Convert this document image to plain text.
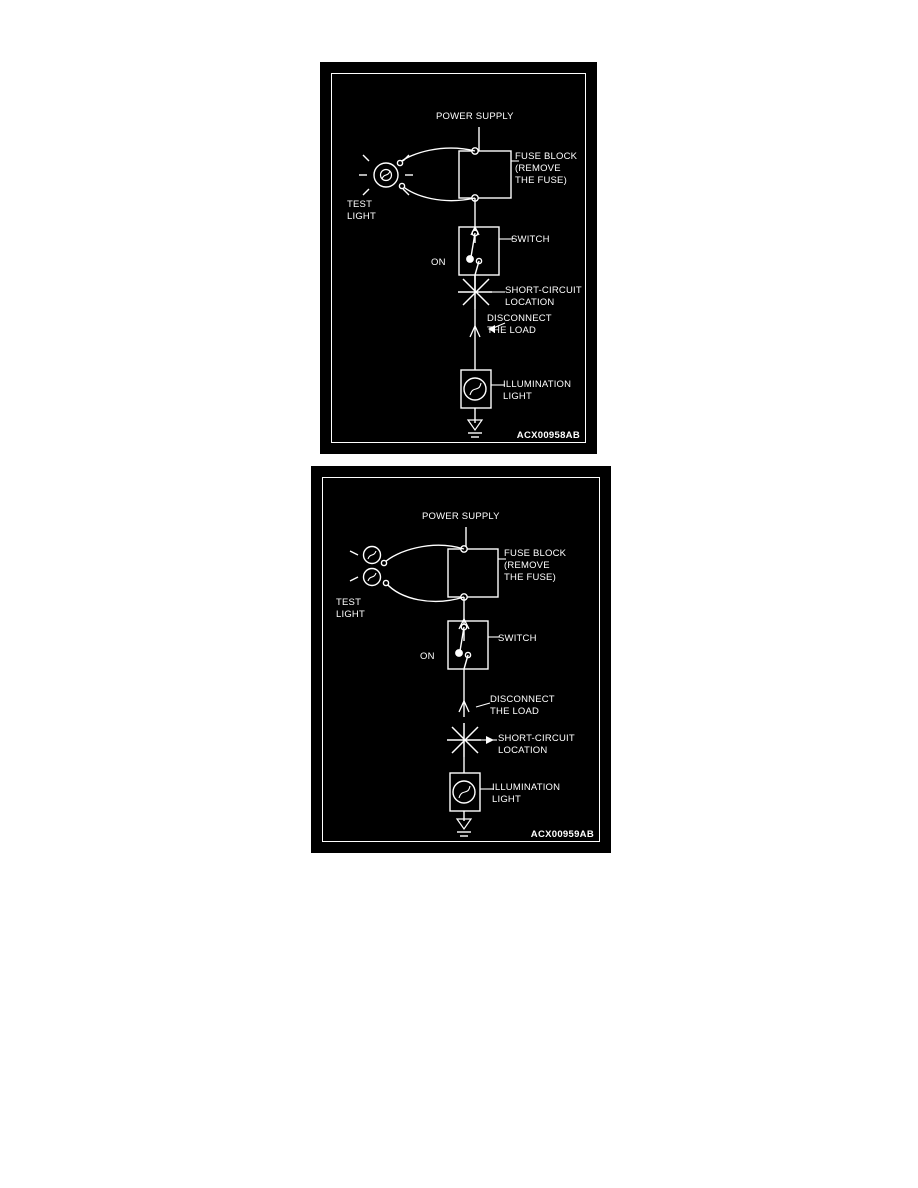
POWER SUPPLY
FUSE BLOCK
(REMOVE
THE FUSE)
TEST
LIGHT
SWITCH
ON
SHORT-CIRCUIT
LOCATION
DISCONNECT
THE LOAD
ILLUMINATION
LIGHT
ACX00958AB
POWER SUPPLY
FUSE BLOCK
(REMOVE
THE FUSE)
TEST
LIGHT
SWITCH
ON
DISCONNECT
THE LOAD
SHORT-CIRCUIT
LOCATION
ILLUMINATION
LIGHT
ACX00959AB
